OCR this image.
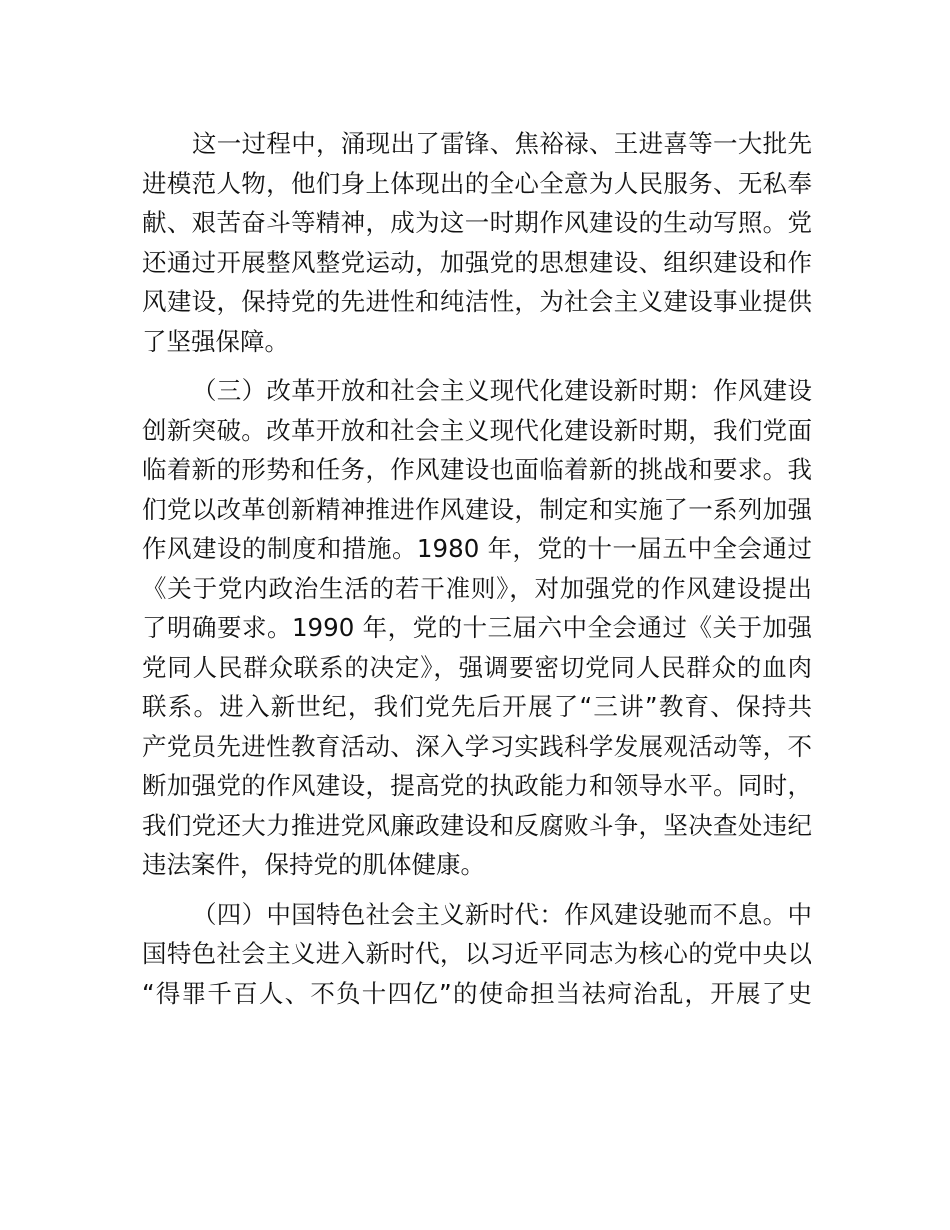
这一过程中，涌现出了雷锋、焦裕禄、王进喜等一大批先
进模范人物，他们身上体现出的全心全意为人民服务、无私奉
献、艰苦奋斗等精神，成为这一时期作风建设的生动写照。党
还通过开展整风整党运动，加强党的思想建设、组织建设和作
风建设，保持党的先进性和纯洁性，为社会主义建设事业提供
了坚强保障。
（三）改革开放和社会主义现代化建设新时期：作风建设
创新突破。改革开放和社会主义现代化建设新时期，我们党面
临着新的形势和任务，作风建设也面临着新的挑战和要求。我
们党以改革创新精神推进作风建设，制定和实施了一系列加强
作风建设的制度和措施。1980 年，党的十一届五中全会通过
《关于党内政治生活的若干准则》，对加强党的作风建设提出
了明确要求。1990 年，党的十三届六中全会通过《关于加强
党同人民群众联系的决定》，强调要密切党同人民群众的血肉
联系。进入新世纪，我们党先后开展了“三讲”教育、保持共
产党员先进性教育活动、深入学习实践科学发展观活动等，不
断加强党的作风建设，提高党的执政能力和领导水平。同时，
我们党还大力推进党风廉政建设和反腐败斗争，坚决查处违纪
违法案件，保持党的肌体健康。
（四）中国特色社会主义新时代：作风建设驰而不息。中
国特色社会主义进入新时代，以习近平同志为核心的党中央以
“得罪千百人、不负十四亿”的使命担当祛疴治乱，开展了史
